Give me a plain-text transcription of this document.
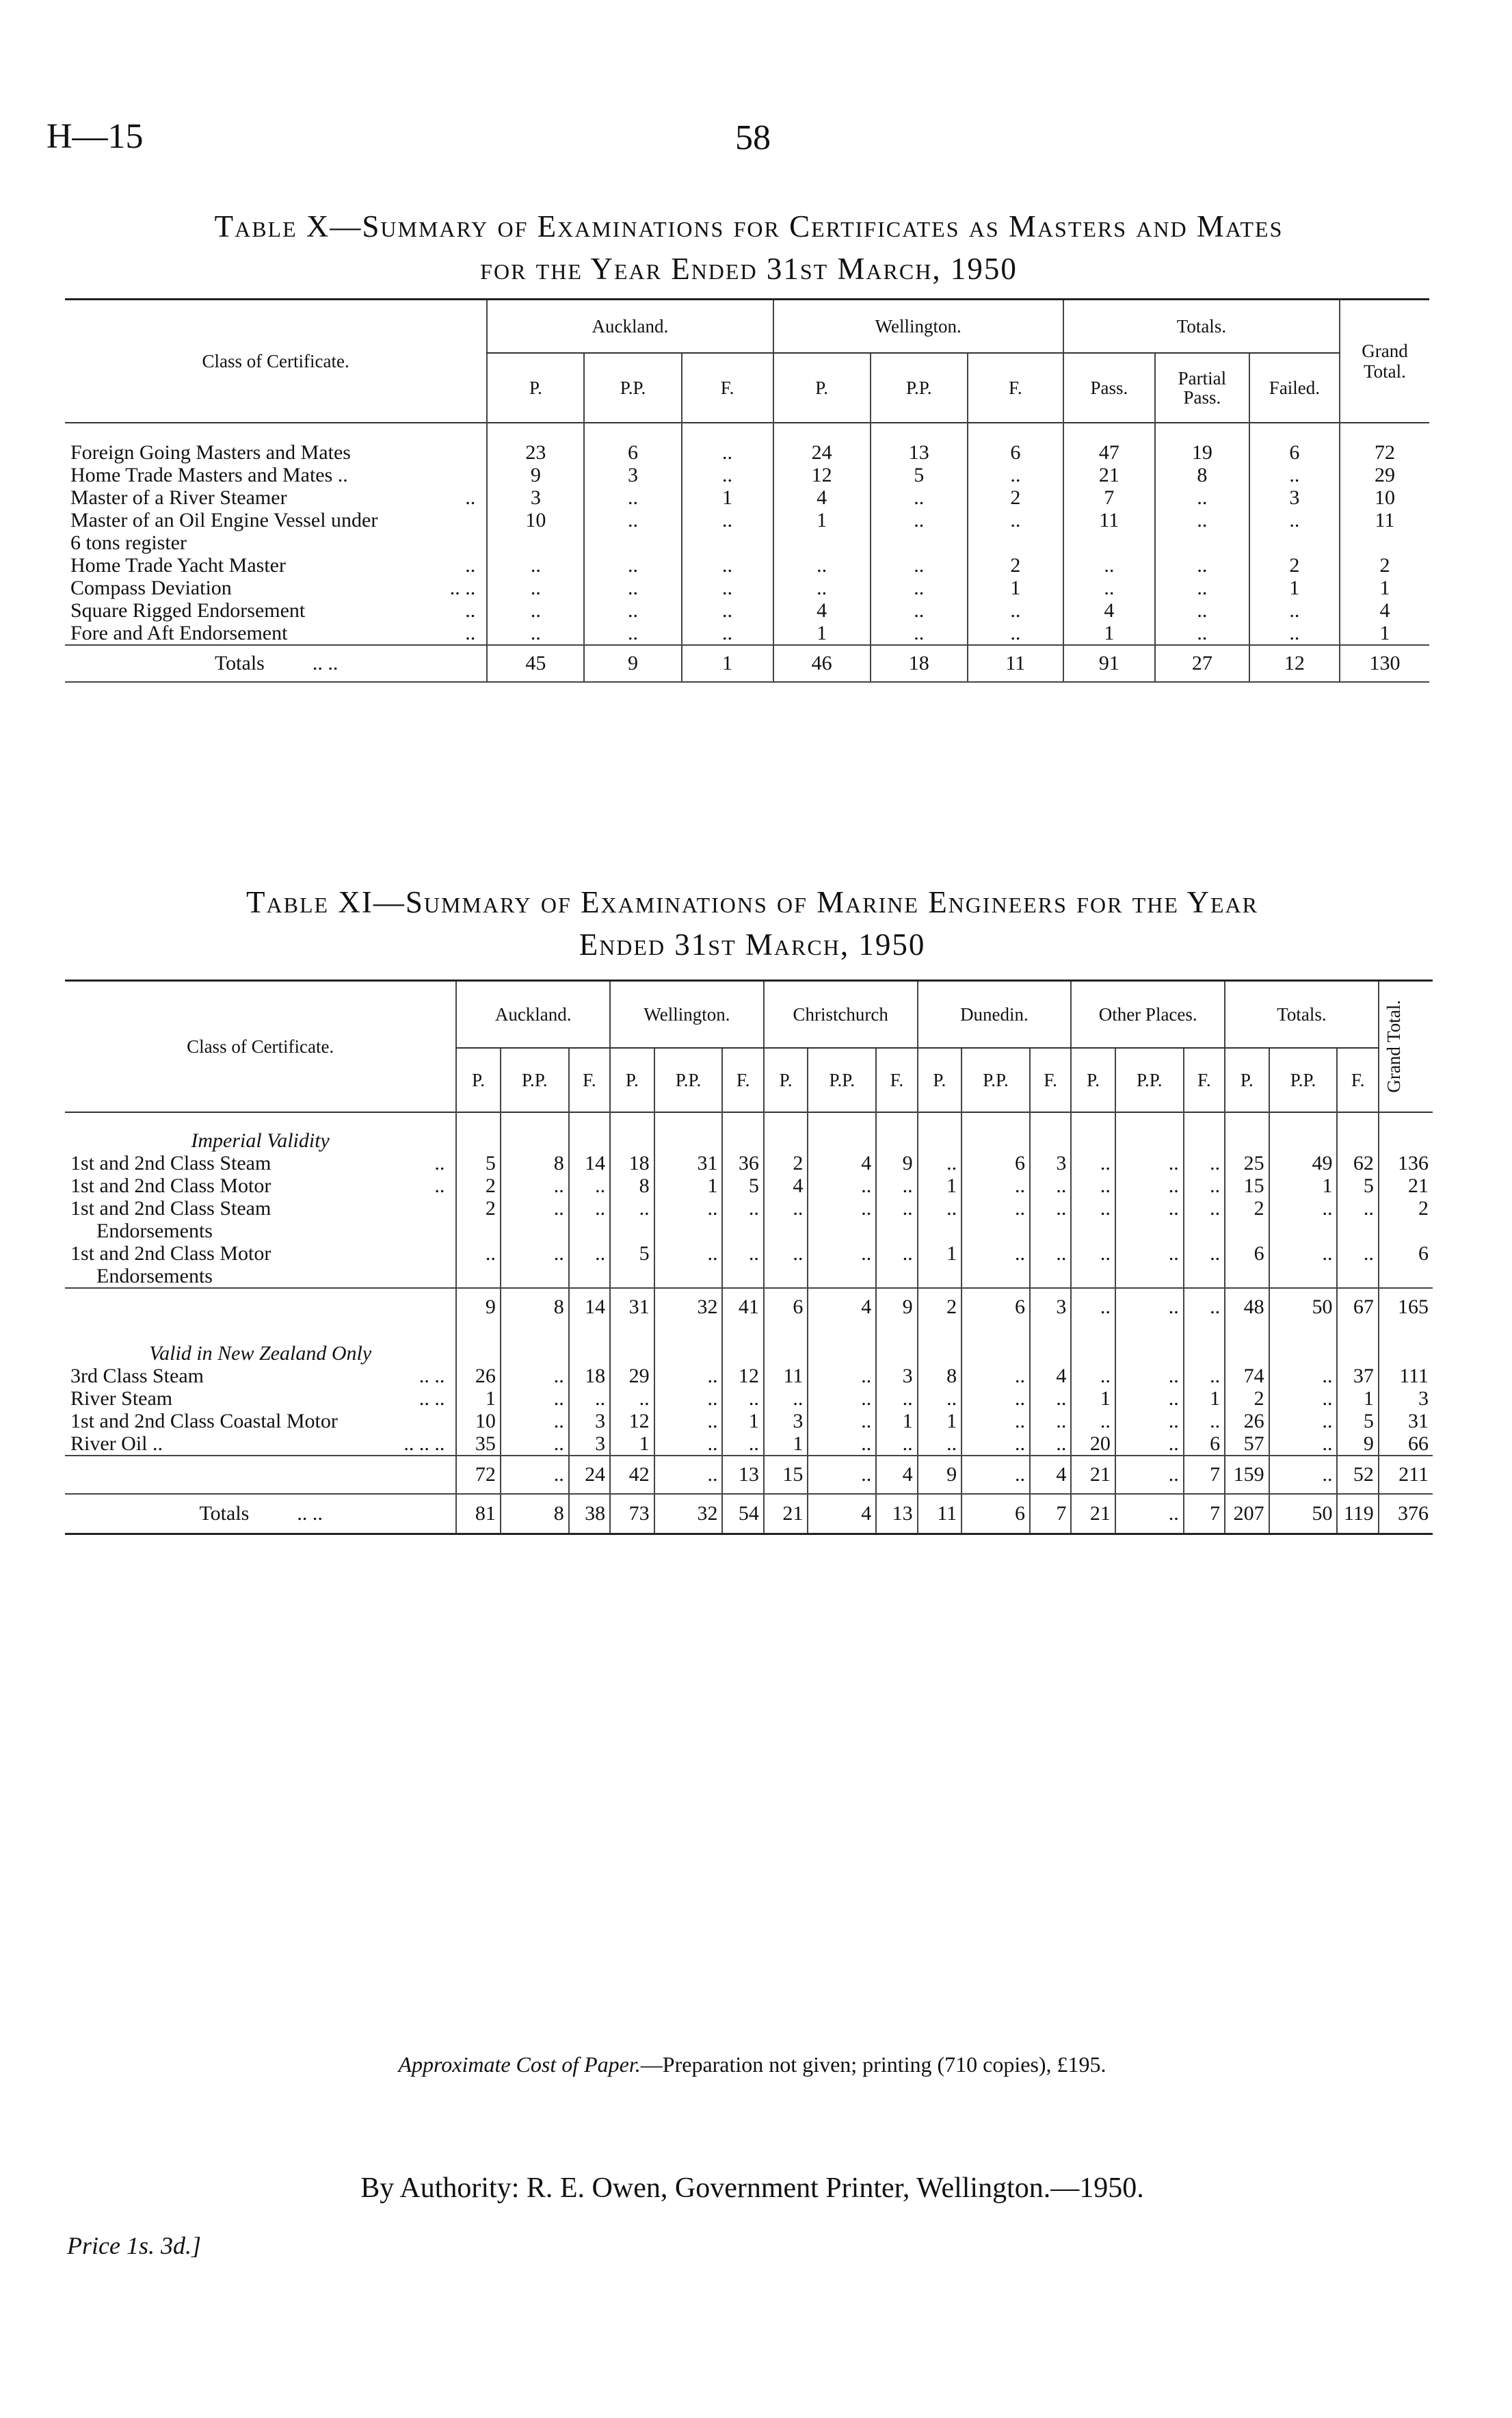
H—15	58
Table X—Summary of Examinations for Certificates as Masters and Mates
for the Year Ended 31st March, 1950
Class of Certificate.	Auckland.			Wellington.			Totals.			Grand Total.
	P.	P.P.	F.	P.	P.P.	F.	Pass.	Partial Pass.	Failed.	
Foreign Going Masters and Mates	23	6	..	24	13	6	47	19	6	72
Home Trade Masters and Mates ..	9	3	..	12	5	..	21	8	..	29
Master of a River Steamer ..	3	..	1	4	..	2	7	..	3	10
Master of an Oil Engine Vessel under	10	..	..	1	..	..	11	..	..	11
6 tons register										
Home Trade Yacht Master ..	..	..	..	..	..	2	..	..	2	2
Compass Deviation .. ..	..	..	..	..	..	1	..	..	1	1
Square Rigged Endorsement ..	..	..	..	4	..	..	4	..	..	4
Fore and Aft Endorsement ..	..	..	..	1	..	..	1	..	..	1
Totals .. ..	45	9	1	46	18	11	91	27	12	130

Table XI—Summary of Examinations of Marine Engineers for the Year
Ended 31st March, 1950
Class of Certificate.	Auckland.			Wellington.			Christchurch			Dunedin.			Other Places.			Totals.			Grand Total.

	P.	P.P.	F.	P.	P.P.	F.	P.	P.P.	F.	P.	P.P.	F.	P.	P.P.	F.	P.	P.P.	F.	
Imperial Validity																			
1st and 2nd Class Steam ..	5	8	14	18	31	36	2	4	9	..	6	3	..	..	..	25	49	62	136
1st and 2nd Class Motor ..	2	..	..	8	1	5	4	..	..	1	..	..	..	..	..	15	1	5	21
1st and 2nd Class Steam	2	..	..	..	..	..	..	..	..	..	..	..	..	..	..	2	..	..	2
Endorsements																			
1st and 2nd Class Motor	..	..	..	5	..	..	..	..	..	1	..	..	..	..	..	6	..	..	6
Endorsements																			
	9	8	14	31	32	41	6	4	9	2	6	3	..	..	..	48	50	67	165
Valid in New Zealand Only																			
3rd Class Steam .. ..	26	..	18	29	..	12	11	..	3	8	..	4	..	..	..	74	..	37	111
River Steam .. ..	1	..	..	..	..	..	..	..	..	..	..	..	1	..	1	2	..	1	3
1st and 2nd Class Coastal Motor	10	..	3	12	..	1	3	..	1	1	..	..	..	..	..	26	..	5	31
River Oil .. .. .. ..	35	..	3	1	..	..	1	..	..	..	..	..	20	..	6	57	..	9	66
	72	..	24	42	..	13	15	..	4	9	..	4	21	..	7	159	..	52	211
Totals .. ..	81	8	38	73	32	54	21	4	13	11	6	7	21	..	7	207	50	119	376

Approximate Cost of Paper.—Preparation not given; printing (710 copies), £195.
By Authority: R. E. Owen, Government Printer, Wellington.—1950.
Price 1s. 3d.]
